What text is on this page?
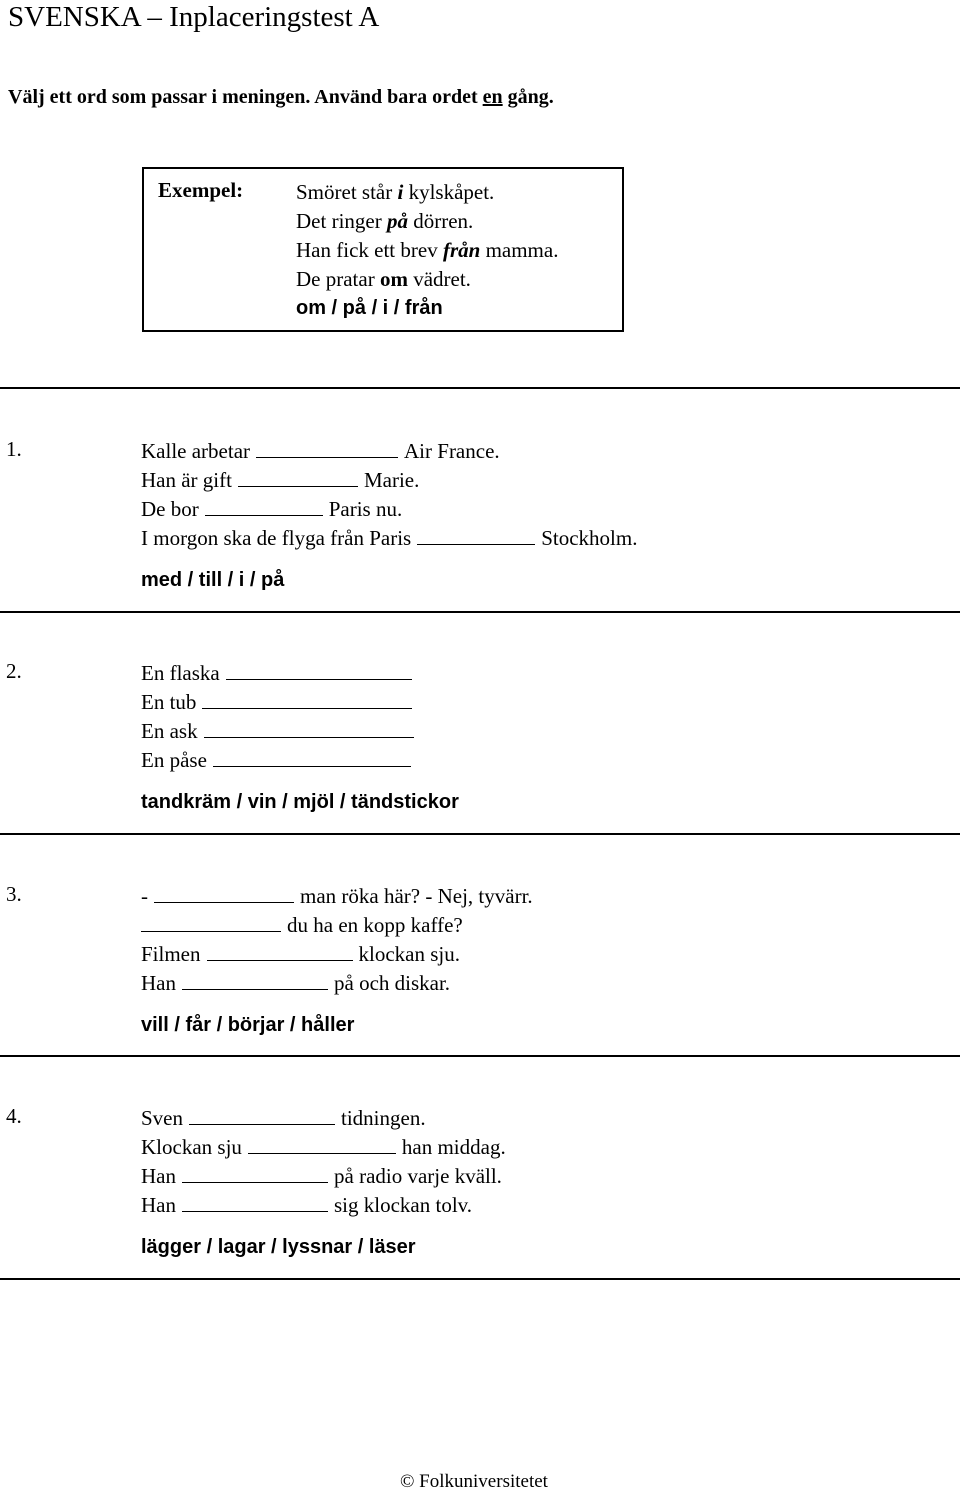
SVENSKA – Inplaceringstest A
Välj ett ord som passar i meningen. Använd bara ordet en gång.
Exempel:	Smöret står i kylskåpet.
Det ringer på dörren.
Han fick ett brev från mamma.
De pratar om vädret.
om / på / i / från
1.	Kalle arbetar	Air France.
Han är gift	Marie.
De bor	Paris nu.
I morgon ska de flyga från Paris	Stockholm.
med / till / i / på
2.	En flaska
En tub
En ask
En påse
tandkräm / vin / mjöl / tändstickor
3.	-	man röka här? - Nej, tyvärr.
du ha en kopp kaffe?
Filmen	klockan sju.
Han	på och diskar.
vill / får / börjar / håller
4.	Sven	tidningen.
Klockan sju	han middag.
Han	på radio varje kväll.
Han	sig klockan tolv.
lägger / lagar / lyssnar / läser
© Folkuniversitetet
